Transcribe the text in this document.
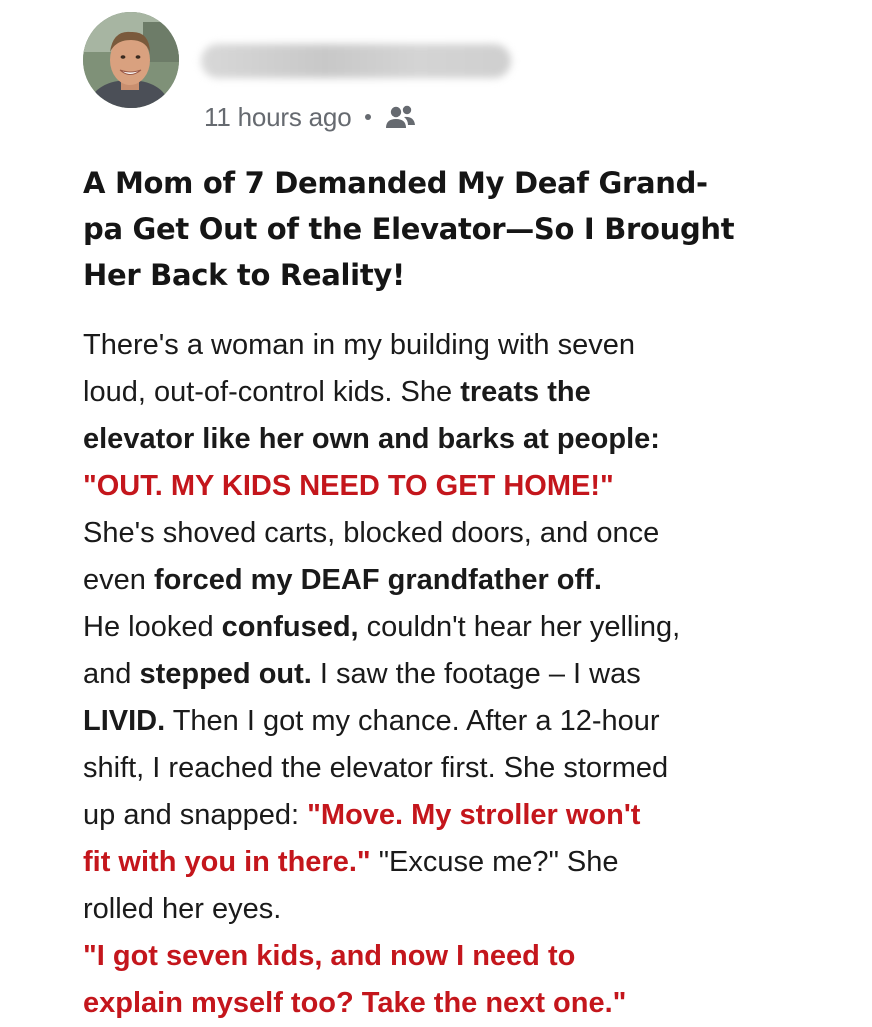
11 hours ago
A Mom of 7 Demanded My Deaf Grand-
pa Get Out of the Elevator—So I Brought
Her Back to Reality!
There's a woman in my building with seven
loud, out-of-control kids. She treats the
elevator like her own and barks at people:
"OUT. MY KIDS NEED TO GET HOME!"
She's shoved carts, blocked doors, and once
even forced my DEAF grandfather off.
He looked confused, couldn't hear her yelling,
and stepped out. I saw the footage – I was
LIVID. Then I got my chance. After a 12-hour
shift, I reached the elevator first. She stormed
up and snapped: "Move. My stroller won't
fit with you in there." "Excuse me?" She
rolled her eyes.
"I got seven kids, and now I need to
explain myself too? Take the next one."
